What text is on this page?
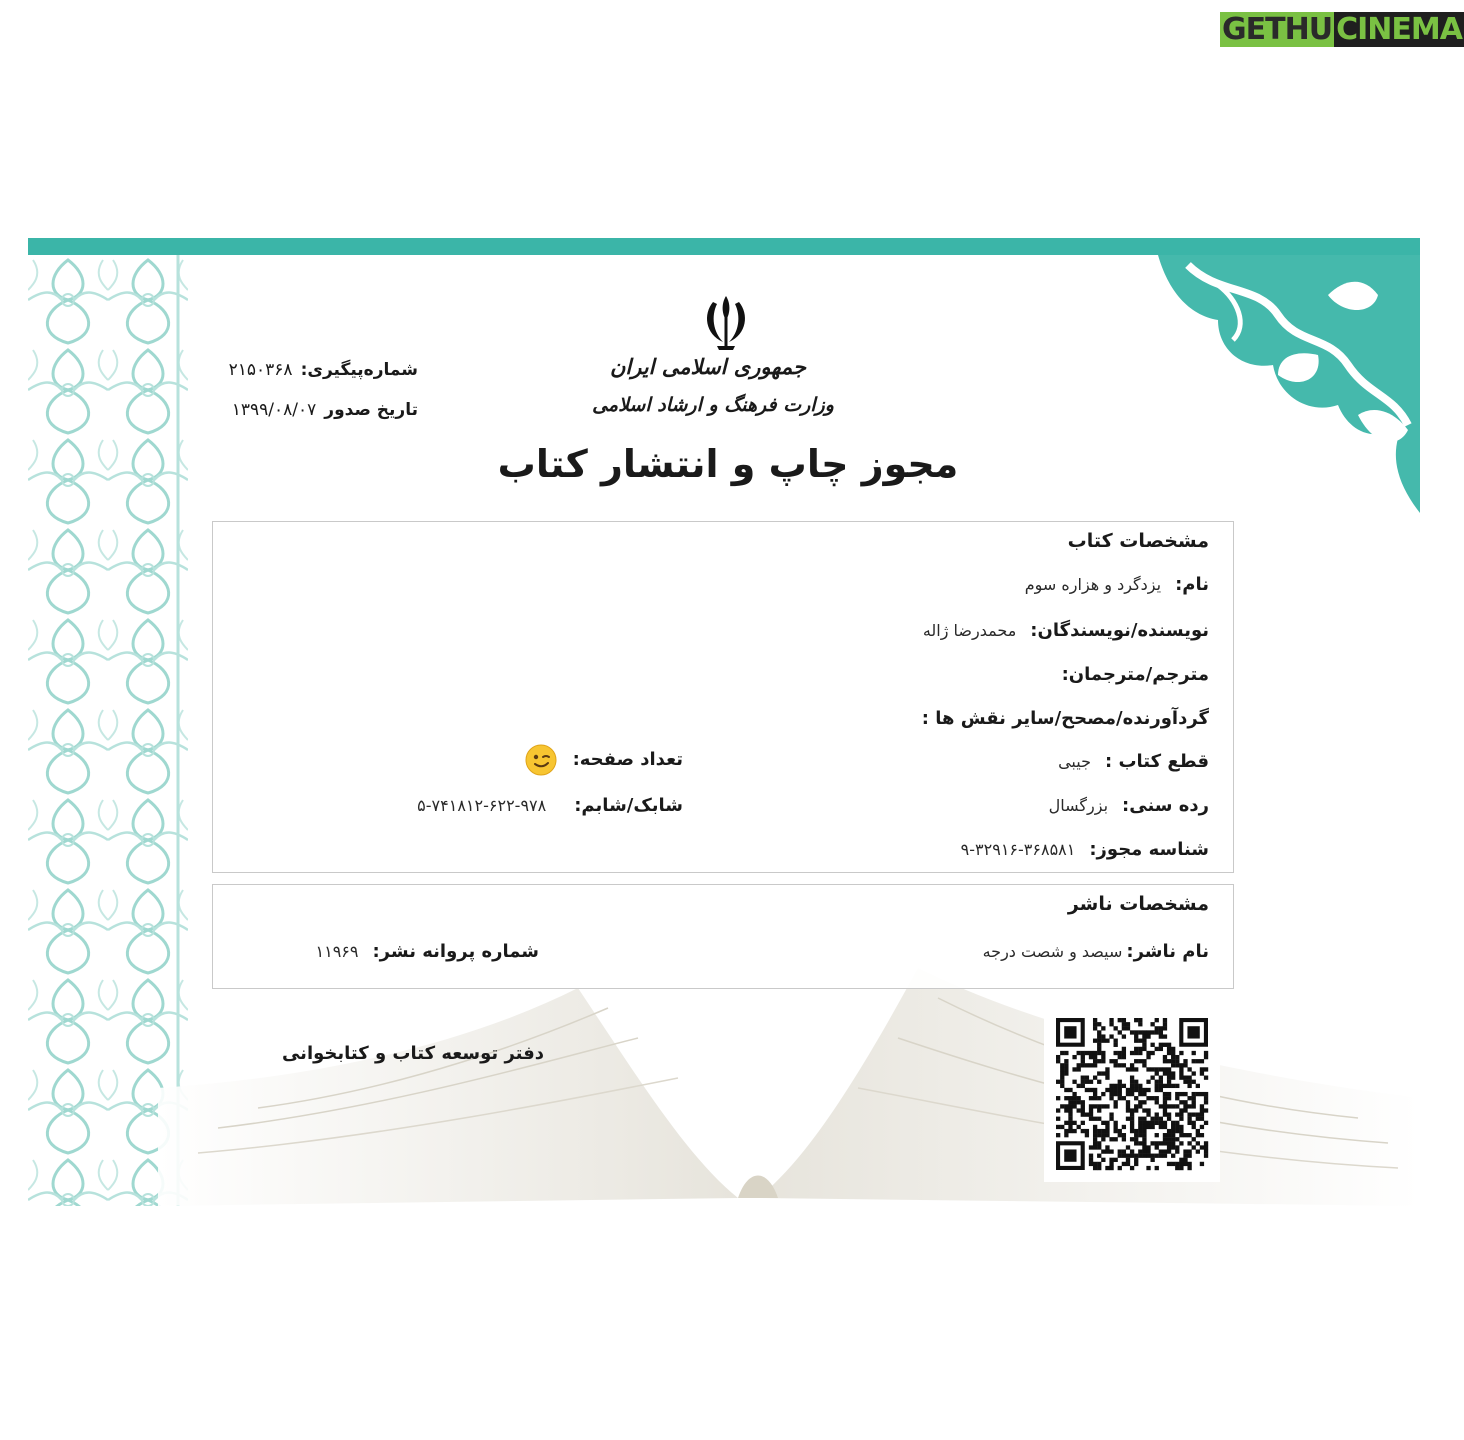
GETHU CINEMA
جمهوری اسلامی ایران
وزارت فرهنگ و ارشاد اسلامی
مجوز چاپ و انتشار کتاب
شماره‌پیگیری:۲۱۵۰۳۶۸
تاریخ صدور۱۳۹۹/۰۸/۰۷
مشخصات کتاب
نام:یزدگرد و هزاره سوم
نویسنده/نویسندگان:محمدرضا ژاله
مترجم/مترجمان:
گردآورنده/مصحح/سایر نقش ها :
قطع کتاب :جیبی
تعداد صفحه:
رده سنی:بزرگسال
شابک/شابم:۹۷۸-۶۲۲-۷۴۱۸۱۲-۵
شناسه مجوز:۳۶۸۵۸۱-۳۲۹۱۶-۹
مشخصات ناشر
نام ناشر:سیصد و شصت درجه
شماره پروانه نشر:۱۱۹۶۹
دفتر توسعه کتاب و کتابخوانی
